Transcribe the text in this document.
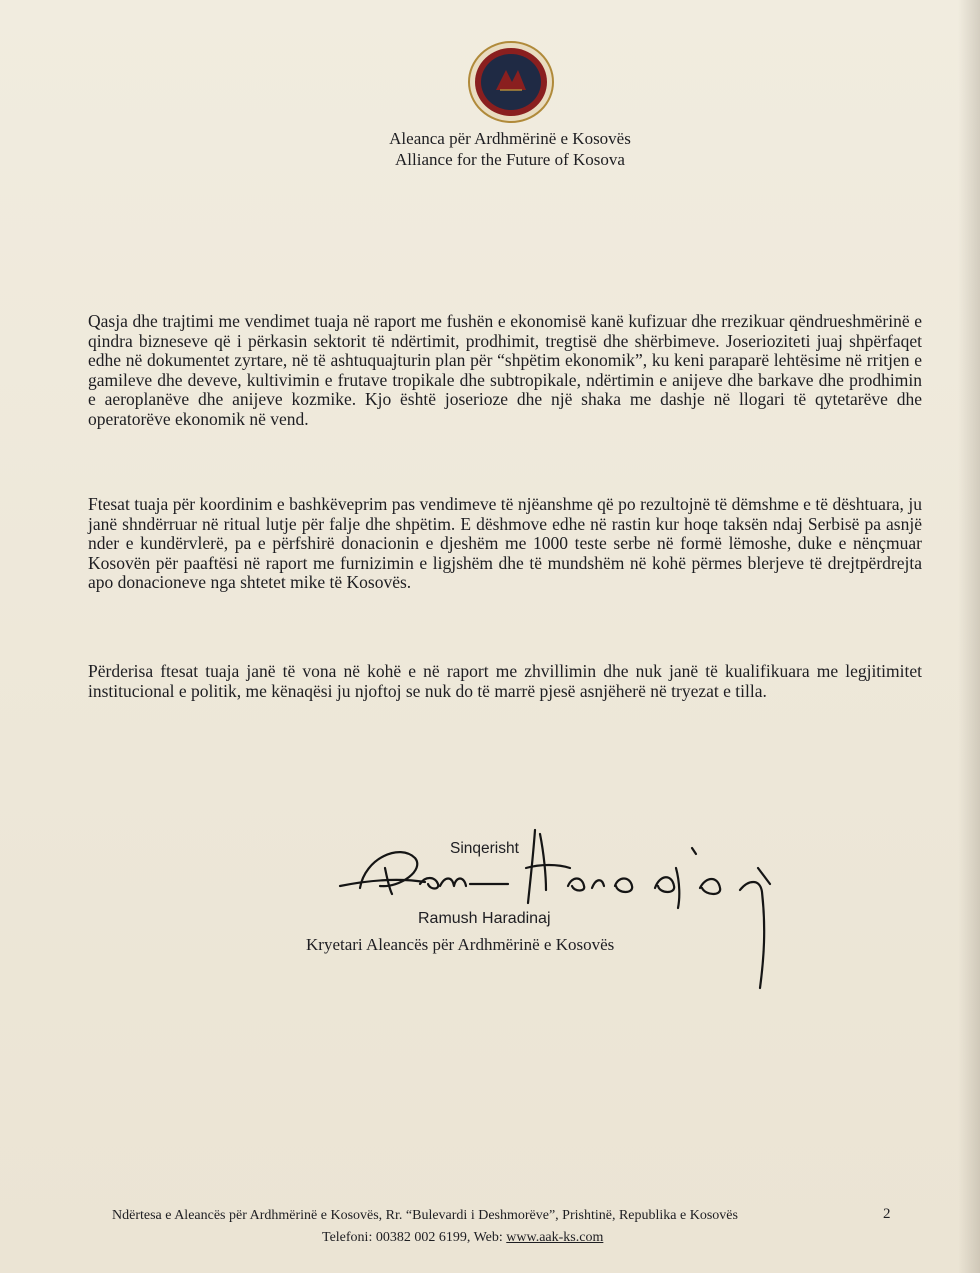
Aleanca për Ardhmërinë e Kosovës
Alliance for the Future of Kosova
Qasja dhe trajtimi me vendimet tuaja në raport me fushën e ekonomisë kanë kufizuar dhe rrezikuar qëndrueshmërinë e qindra bizneseve që i përkasin sektorit të ndërtimit, prodhimit, tregtisë dhe shërbimeve. Joserioziteti juaj shpërfaqet edhe në dokumentet zyrtare, në të ashtuquajturin plan për “shpëtim ekonomik”, ku keni paraparë lehtësime në rritjen e gamileve dhe deveve, kultivimin e frutave tropikale dhe subtropikale, ndërtimin e anijeve dhe barkave dhe prodhimin e aeroplanëve dhe anijeve kozmike. Kjo është joserioze dhe një shaka me dashje në llogari të qytetarëve dhe operatorëve ekonomik në vend.
Ftesat tuaja për koordinim e bashkëveprim pas vendimeve të njëanshme që po rezultojnë të dëmshme e të dështuara, ju janë shndërruar në ritual lutje për falje dhe shpëtim. E dëshmove edhe në rastin kur hoqe taksën ndaj Serbisë pa asnjë nder e kundërvlerë, pa e përfshirë donacionin e djeshëm me 1000 teste serbe në formë lëmoshe, duke e nënçmuar Kosovën për paaftësi në raport me furnizimin e ligjshëm dhe të mundshëm në kohë përmes blerjeve të drejtpërdrejta apo donacioneve nga shtetet mike të Kosovës.
Përderisa ftesat tuaja janë të vona në kohë e në raport me zhvillimin dhe nuk janë të kualifikuara me legjitimitet institucional e politik, me kënaqësi ju njoftoj se nuk do të marrë pjesë asnjëherë në tryezat e tilla.
Sinqerisht
Ramush Haradinaj
Kryetari Aleancës për Ardhmërinë e Kosovës
Ndërtesa e Aleancës për Ardhmërinë e Kosovës, Rr. “Bulevardi i Deshmorëve”, Prishtinë, Republika e Kosovës
Telefoni: 00382 002 6199, Web: www.aak-ks.com
2
